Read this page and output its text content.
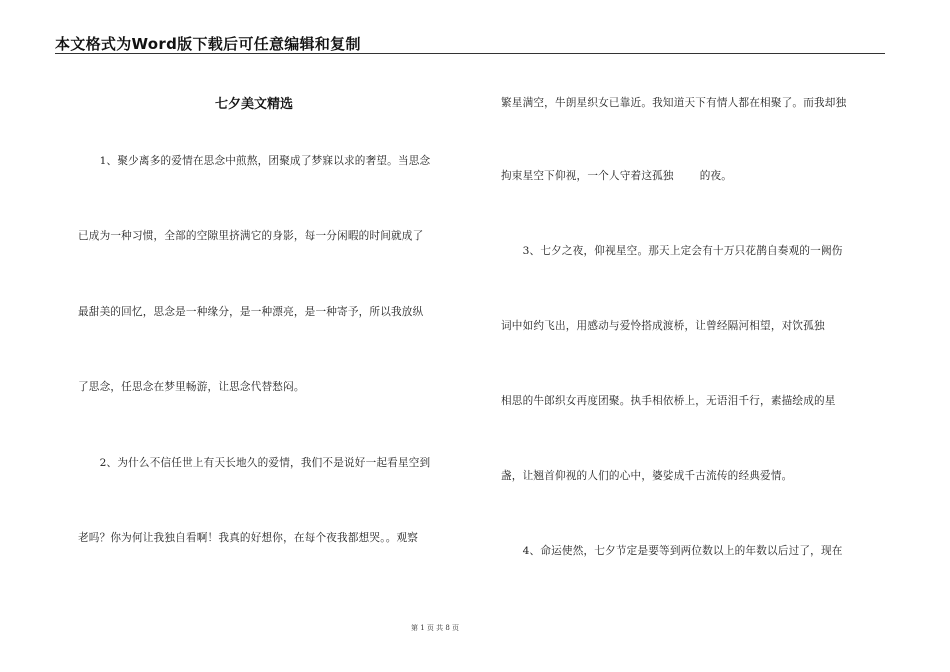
本文格式为Word版下载后可任意编辑和复制
七夕美文精选
　　1、聚少离多的爱情在思念中煎熬，团聚成了梦寐以求的奢望。当思念
已成为一种习惯，全部的空隙里挤满它的身影，每一分闲暇的时间就成了
最甜美的回忆，思念是一种缘分，是一种漂亮，是一种寄予，所以我放纵
了思念，任思念在梦里畅游，让思念代替愁闷。
　　2、为什么不信任世上有天长地久的爱情，我们不是说好一起看星空到
老吗？你为何让我独自看啊！我真的好想你，在每个夜我都想哭。。观察
繁星满空，牛朗星织女已靠近。我知道天下有情人都在相聚了。而我却独
拘束星空下仰视，一个人守着这孤独 的夜。
　　3、七夕之夜，仰视星空。那天上定会有十万只花鹊自奏观的一阙伤
词中如约飞出，用感动与爱怜搭成渡桥，让曾经隔河相望，对饮孤独
相思的牛郎织女再度团聚。执手相依桥上，无语泪千行，素描绘成的星
盏，让翘首仰视的人们的心中，婆娑成千古流传的经典爱情。
　　4、命运使然，七夕节定是要等到两位数以上的年数以后过了，现在
第 1 页 共 8 页
